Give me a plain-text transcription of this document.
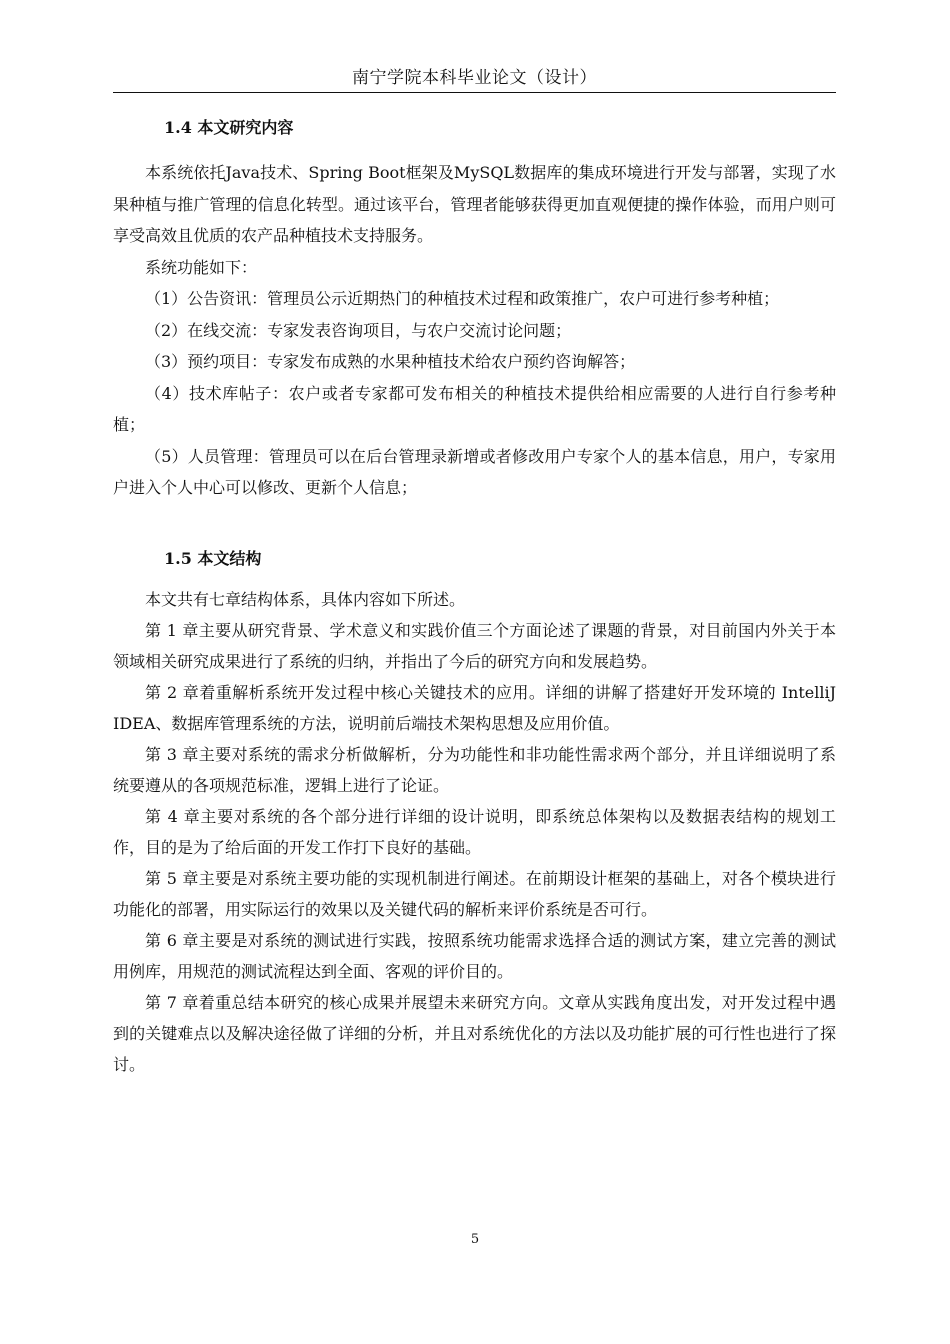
南宁学院本科毕业论文（设计）
1.4 本文研究内容

本系统依托Java技术、Spring Boot框架及MySQL数据库的集成环境进行开发与部署，实现了水果种植与推广管理的信息化转型。通过该平台，管理者能够获得更加直观便捷的操作体验，而用户则可享受高效且优质的农产品种植技术支持服务。

系统功能如下：

（1）公告资讯：管理员公示近期热门的种植技术过程和政策推广，农户可进行参考种植；

（2）在线交流：专家发表咨询项目，与农户交流讨论问题；

（3）预约项目：专家发布成熟的水果种植技术给农户预约咨询解答；

（4）技术库帖子：农户或者专家都可发布相关的种植技术提供给相应需要的人进行自行参考种植；

（5）人员管理：管理员可以在后台管理录新增或者修改用户专家个人的基本信息，用户，专家用户进入个人中心可以修改、更新个人信息；

1.5 本文结构

本文共有七章结构体系，具体内容如下所述。

第 1 章主要从研究背景、学术意义和实践价值三个方面论述了课题的背景，对目前国内外关于本领域相关研究成果进行了系统的归纳，并指出了今后的研究方向和发展趋势。

第 2 章着重解析系统开发过程中核心关键技术的应用。详细的讲解了搭建好开发环境的 IntelliJ IDEA、数据库管理系统的方法，说明前后端技术架构思想及应用价值。

第 3 章主要对系统的需求分析做解析，分为功能性和非功能性需求两个部分，并且详细说明了系统要遵从的各项规范标准，逻辑上进行了论证。

第 4 章主要对系统的各个部分进行详细的设计说明，即系统总体架构以及数据表结构的规划工作，目的是为了给后面的开发工作打下良好的基础。

第 5 章主要是对系统主要功能的实现机制进行阐述。在前期设计框架的基础上，对各个模块进行功能化的部署，用实际运行的效果以及关键代码的解析来评价系统是否可行。

第 6 章主要是对系统的测试进行实践，按照系统功能需求选择合适的测试方案，建立完善的测试用例库，用规范的测试流程达到全面、客观的评价目的。

第 7 章着重总结本研究的核心成果并展望未来研究方向。文章从实践角度出发，对开发过程中遇到的关键难点以及解决途径做了详细的分析，并且对系统优化的方法以及功能扩展的可行性也进行了探讨。

5
